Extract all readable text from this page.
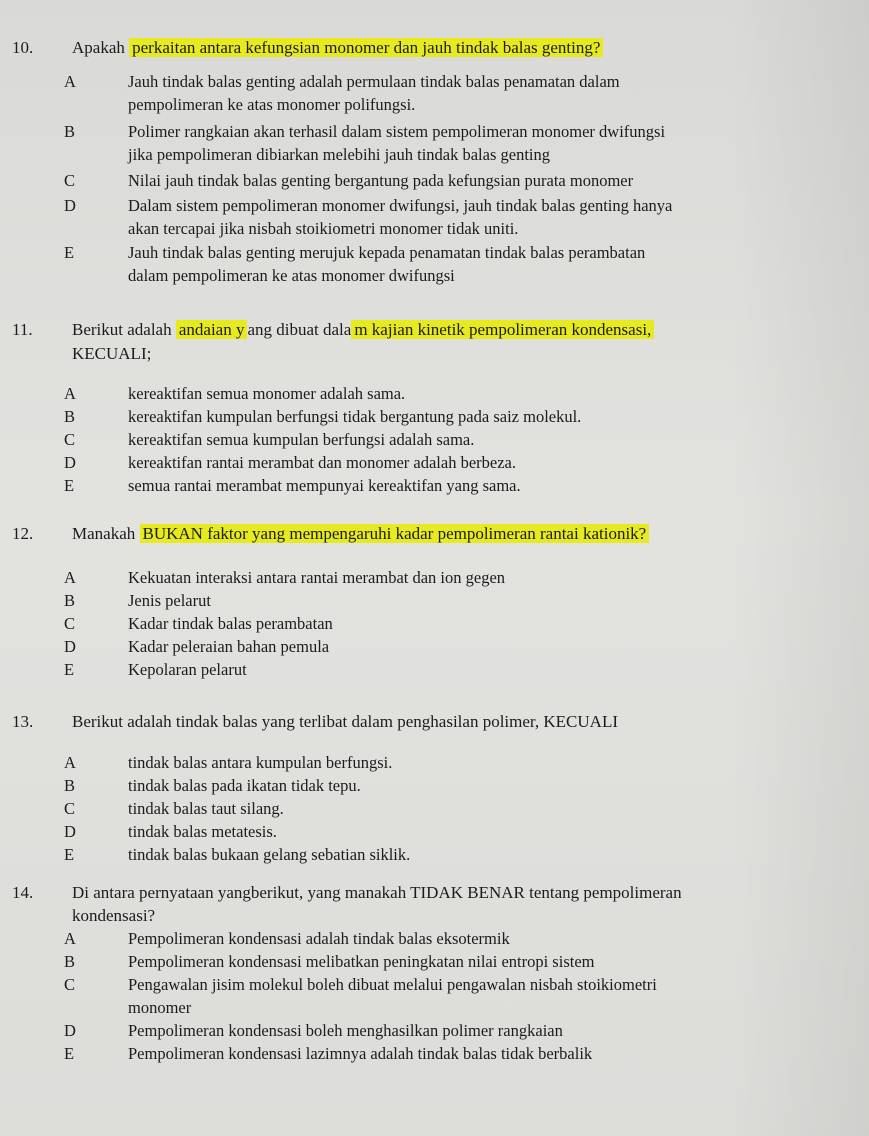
10. Apakah perkaitan antara kefungsian monomer dan jauh tindak balas genting?
A	Jauh tindak balas genting adalah permulaan tindak balas penamatan dalam
pempolimeran ke atas monomer polifungsi.
B	Polimer rangkaian akan terhasil dalam sistem pempolimeran monomer dwifungsi
jika pempolimeran dibiarkan melebihi jauh tindak balas genting
C	Nilai jauh tindak balas genting bergantung pada kefungsian purata monomer
D	Dalam sistem pempolimeran monomer dwifungsi, jauh tindak balas genting hanya
akan tercapai jika nisbah stoikiometri monomer tidak uniti.
E	Jauh tindak balas genting merujuk kepada penamatan tindak balas perambatan
dalam pempolimeran ke atas monomer dwifungsi
11. Berikut adalah andaian y ang dibuat dala m kajian kinetik pempolimeran kondensasi,
KECUALI;
A	kereaktifan semua monomer adalah sama.
B	kereaktifan kumpulan berfungsi tidak bergantung pada saiz molekul.
C	kereaktifan semua kumpulan berfungsi adalah sama.
D	kereaktifan rantai merambat dan monomer adalah berbeza.
E	semua rantai merambat mempunyai kereaktifan yang sama.
12. Manakah BUKAN faktor yang mempengaruhi kadar pempolimeran rantai kationik?
A	Kekuatan interaksi antara rantai merambat dan ion gegen
B	Jenis pelarut
C	Kadar tindak balas perambatan
D	Kadar peleraian bahan pemula
E	Kepolaran pelarut
13. Berikut adalah tindak balas yang terlibat dalam penghasilan polimer, KECUALI
A	tindak balas antara kumpulan berfungsi.
B	tindak balas pada ikatan tidak tepu.
C	tindak balas taut silang.
D	tindak balas metatesis.
E	tindak balas bukaan gelang sebatian siklik.
14. Di antara pernyataan yangberikut, yang manakah TIDAK BENAR tentang pempolimeran
kondensasi?
A	Pempolimeran kondensasi adalah tindak balas eksotermik
B	Pempolimeran kondensasi melibatkan peningkatan nilai entropi sistem
C	Pengawalan jisim molekul boleh dibuat melalui pengawalan nisbah stoikiometri
monomer
D	Pempolimeran kondensasi boleh menghasilkan polimer rangkaian
E	Pempolimeran kondensasi lazimnya adalah tindak balas tidak berbalik
